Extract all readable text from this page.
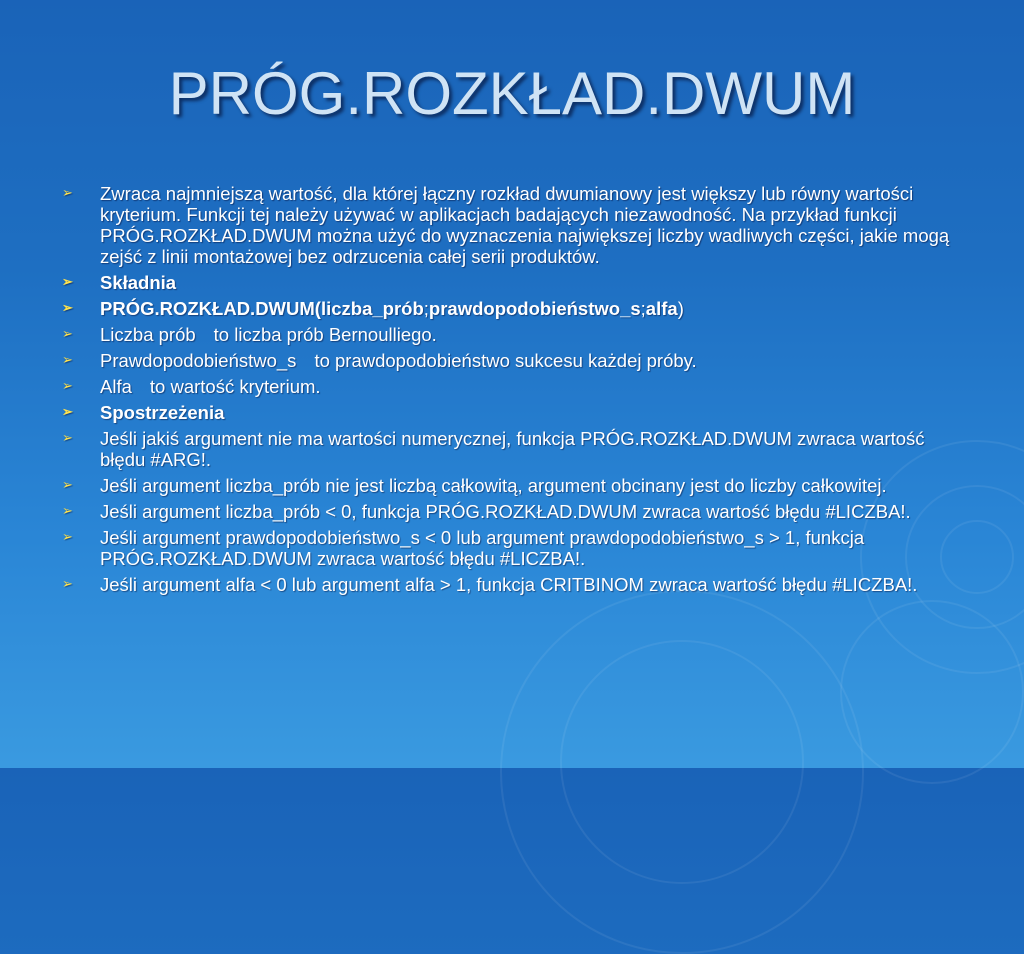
PRÓG.ROZKŁAD.DWUM
➢ Zwraca najmniejszą wartość, dla której łączny rozkład dwumianowy jest większy lub równy wartości kryterium. Funkcji tej należy używać w aplikacjach badających niezawodność. Na przykład funkcji PRÓG.ROZKŁAD.DWUM można użyć do wyznaczenia największej liczby wadliwych części, jakie mogą zejść z linii montażowej bez odrzucenia całej serii produktów.
➢ Składnia
➢ PRÓG.ROZKŁAD.DWUM(liczba_prób;prawdopodobieństwo_s;alfa)
➢ Liczba prób to liczba prób Bernoulliego.
➢ Prawdopodobieństwo_s to prawdopodobieństwo sukcesu każdej próby.
➢ Alfa to wartość kryterium.
➢ Spostrzeżenia
➢ Jeśli jakiś argument nie ma wartości numerycznej, funkcja PRÓG.ROZKŁAD.DWUM zwraca wartość błędu #ARG!.
➢ Jeśli argument liczba_prób nie jest liczbą całkowitą, argument obcinany jest do liczby całkowitej.
➢ Jeśli argument liczba_prób < 0, funkcja PRÓG.ROZKŁAD.DWUM zwraca wartość błędu #LICZBA!.
➢ Jeśli argument prawdopodobieństwo_s < 0 lub argument prawdopodobieństwo_s > 1, funkcja PRÓG.ROZKŁAD.DWUM zwraca wartość błędu #LICZBA!.
➢ Jeśli argument alfa < 0 lub argument alfa > 1, funkcja CRITBINOM zwraca wartość błędu #LICZBA!.
